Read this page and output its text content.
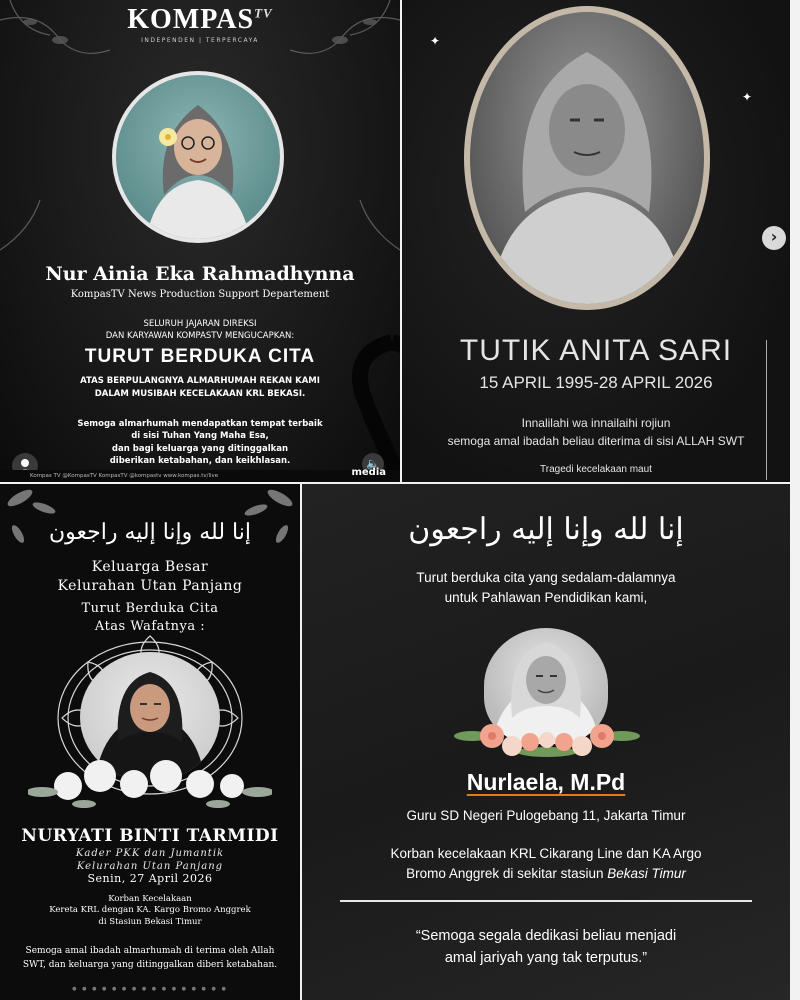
$KOMPAS^{TV}$
INDEPENDEN | TERPERCAYA
Nur Ainia Eka Rahmadhynna
KompasTV News Production Support Departement
SELURUH JAJARAN DIREKSI
DAN KARYAWAN KOMPASTV MENGUCAPKAN:
TURUT BERDUKA CITA
ATAS BERPULANGNYA ALMARHUMAH REKAN KAMI
DALAM MUSIBAH KECELAKAAN KRL BEKASI.
Semoga almarhumah mendapatkan tempat terbaik
di sisi Tuhan Yang Maha Esa,
dan bagi keluarga yang ditinggalkan
diberikan ketabahan, dan keikhlasan.	🔈
Kompas TV @KompasTV KompasTV @kompastv www.kompas.tv/live	media
✦
✦
›
TUTIK ANITA SARI
15 APRIL 1995-28 APRIL 2026
Innalilahi wa innailaihi rojiun
semoga amal ibadah beliau diterima di sisi ALLAH SWT
Tragedi kecelakaan maut
إنا لله وإنا إليه راجعون
Keluarga Besar
Kelurahan Utan Panjang
Turut Berduka Cita
Atas Wafatnya :
NURYATI BINTI TARMIDI
Kader PKK dan Jumantik
Kelurahan Utan Panjang
Senin, 27 April 2026
Korban Kecelakaan
Kereta KRL dengan KA. Kargo Bromo Anggrek
di Stasiun Bekasi Timur
Semoga amal ibadah almarhumah di terima oleh Allah
SWT, dan keluarga yang ditinggalkan diberi ketabahan.
● ● ● ● ● ● ● ● ● ● ● ● ● ● ● ●
إنا لله وإنا إليه راجعون
Turut berduka cita yang sedalam-dalamnya
untuk Pahlawan Pendidikan kami,
Nurlaela, M.Pd
Guru SD Negeri Pulogebang 11, Jakarta Timur
Korban kecelakaan KRL Cikarang Line dan KA Argo
Bromo Anggrek di sekitar stasiun Bekasi Timur
“Semoga segala dedikasi beliau menjadi
amal jariyah yang tak terputus.”
